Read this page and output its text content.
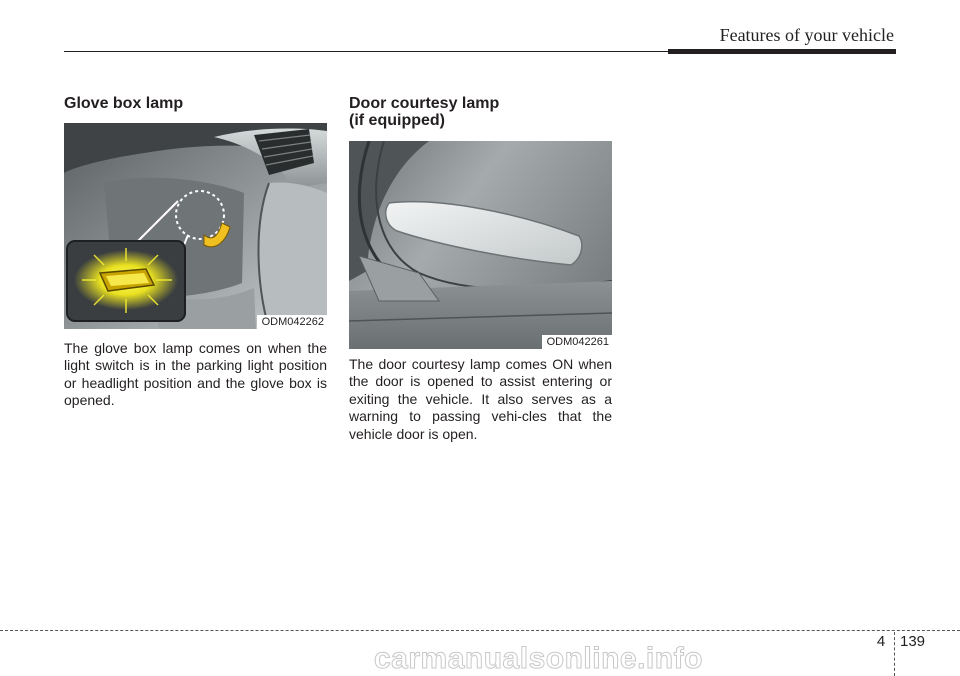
Features of your vehicle
Glove box lamp
ODM042262

The glove box lamp comes on when the light switch is in the parking light position or headlight position and the glove box is opened.

Door courtesy lamp
(if equipped)
ODM042261

The door courtesy lamp comes ON when the door is opened to assist entering or exiting the vehicle. It also serves as a warning to passing vehi-cles that the vehicle door is open.

4 139
carmanualsonline.info
